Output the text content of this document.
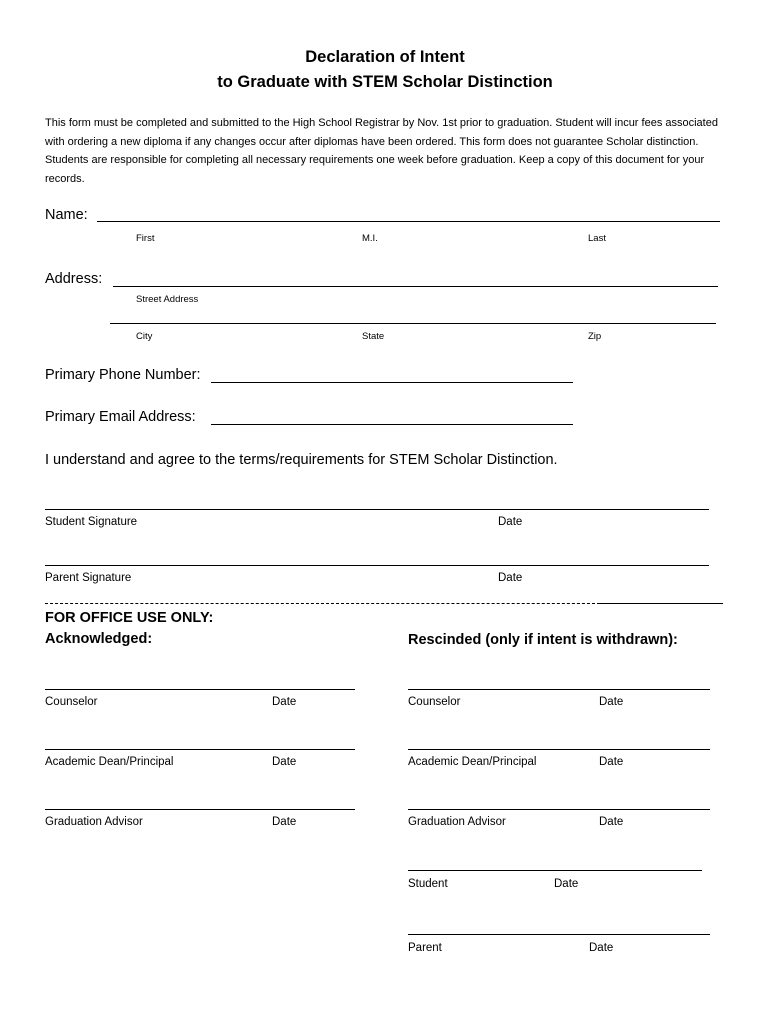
Declaration of Intent
to Graduate with STEM Scholar Distinction
This form must be completed and submitted to the High School Registrar by Nov. 1st prior to graduation. Student will incur fees associated with ordering a new diploma if any changes occur after diplomas have been ordered. This form does not guarantee Scholar distinction. Students are responsible for completing all necessary requirements one week before graduation. Keep a copy of this document for your records.
Name:
First	M.I.	Last
Address:
Street Address
City	State	Zip
Primary Phone Number:
Primary Email Address:
I understand and agree to the terms/requirements for STEM Scholar Distinction.
Student Signature	Date
Parent Signature	Date
FOR OFFICE USE ONLY:
Acknowledged:	Rescinded (only if intent is withdrawn):
Counselor	Date
Academic Dean/Principal	Date
Graduation Advisor	Date
Counselor	Date
Academic Dean/Principal	Date
Graduation Advisor	Date
Student	Date
Parent	Date
